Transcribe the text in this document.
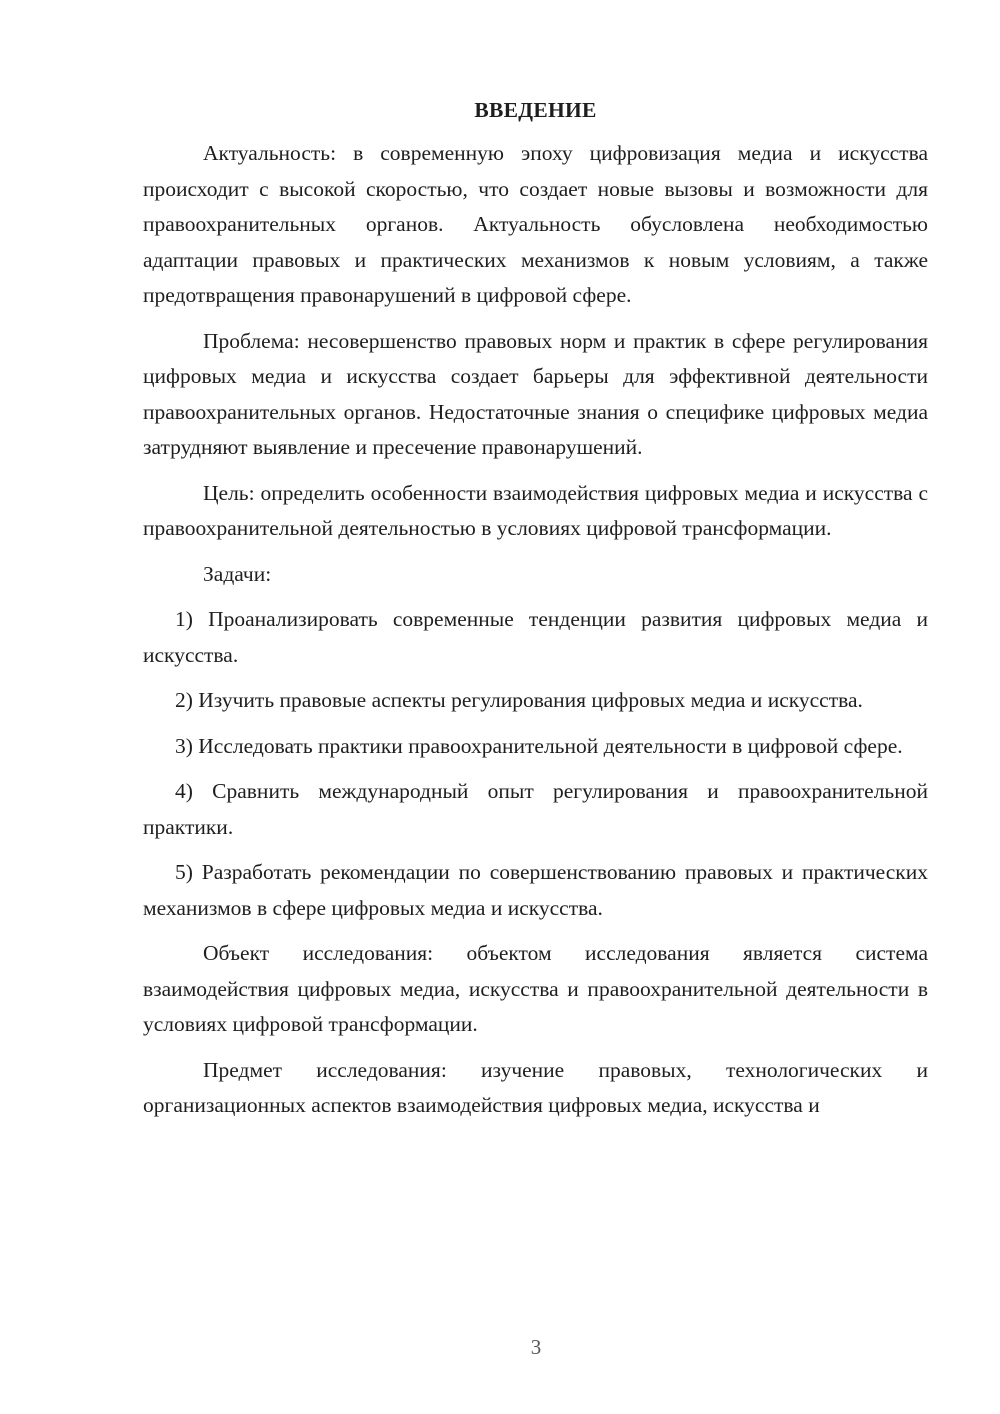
ВВЕДЕНИЕ
Актуальность: в современную эпоху цифровизация медиа и искусства происходит с высокой скоростью, что создает новые вызовы и возможности для правоохранительных органов. Актуальность обусловлена необходимостью адаптации правовых и практических механизмов к новым условиям, а также предотвращения правонарушений в цифровой сфере.
Проблема: несовершенство правовых норм и практик в сфере регулирования цифровых медиа и искусства создает барьеры для эффективной деятельности правоохранительных органов. Недостаточные знания о специфике цифровых медиа затрудняют выявление и пресечение правонарушений.
Цель: определить особенности взаимодействия цифровых медиа и искусства с правоохранительной деятельностью в условиях цифровой трансформации.
Задачи:
1) Проанализировать современные тенденции развития цифровых медиа и искусства.
2) Изучить правовые аспекты регулирования цифровых медиа и искусства.
3) Исследовать практики правоохранительной деятельности в цифровой сфере.
4) Сравнить международный опыт регулирования и правоохранительной практики.
5) Разработать рекомендации по совершенствованию правовых и практических механизмов в сфере цифровых медиа и искусства.
Объект исследования: объектом исследования является система взаимодействия цифровых медиа, искусства и правоохранительной деятельности в условиях цифровой трансформации.
Предмет исследования: изучение правовых, технологических и организационных аспектов взаимодействия цифровых медиа, искусства и
3
